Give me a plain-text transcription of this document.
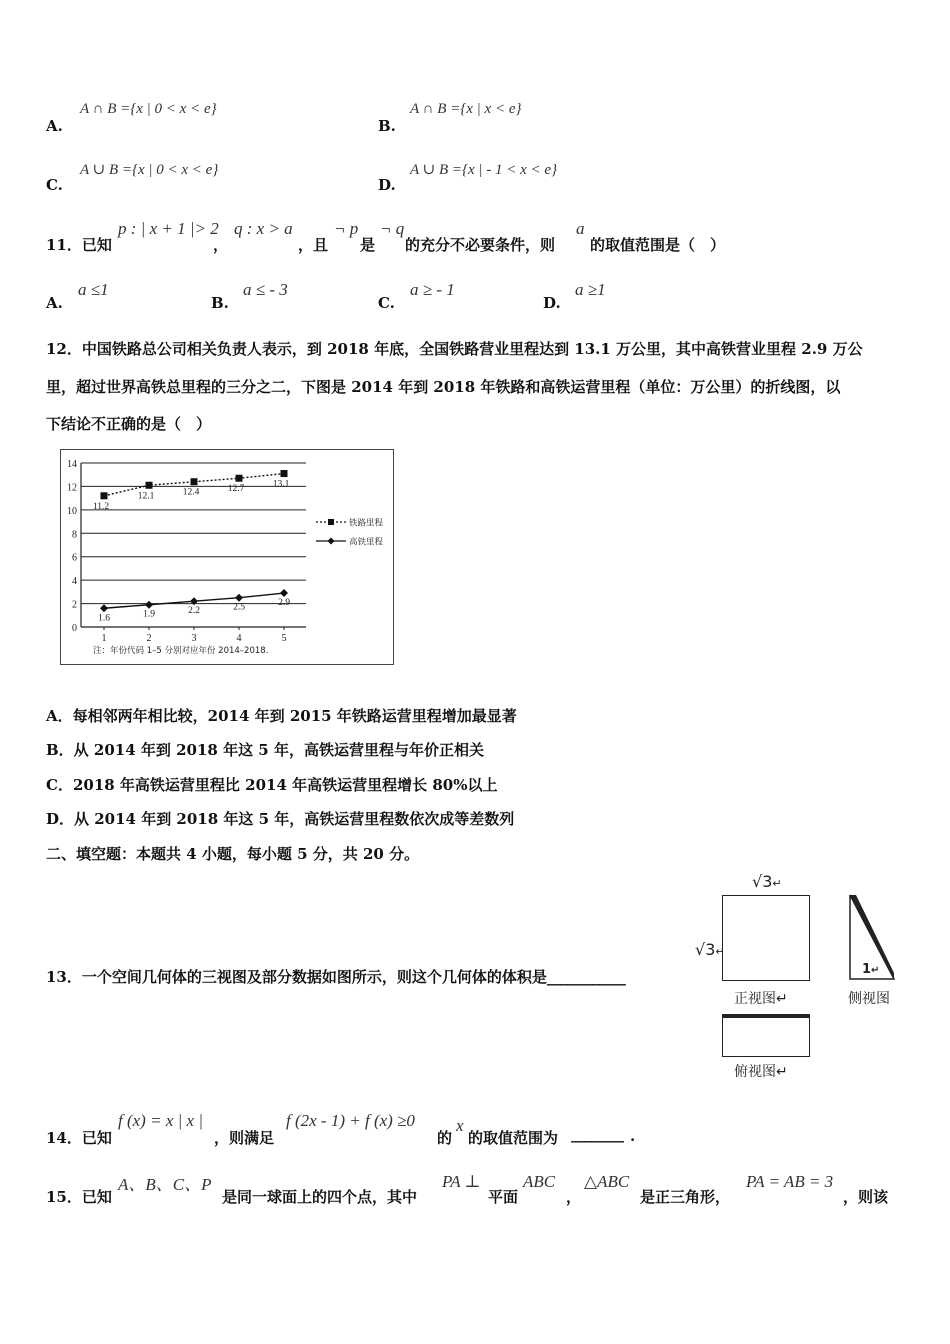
A.
A ∩ B ={x | 0 < x < e}
B.
A ∩ B ={x | x < e}
C.
A ∪ B ={x | 0 < x < e}
D.
A ∪ B ={x | - 1 < x < e}
11．已知
p : | x + 1 |> 2
，
q : x > a
，且
¬ p
是
¬ q
的充分不必要条件，则
a
的取值范围是（　）
A.
a ≤1
B.
a ≤ - 3
C.
a ≥ - 1
D.
a ≥1
12．中国铁路总公司相关负责人表示，到 2018 年底，全国铁路营业里程达到 13.1 万公里，其中高铁营业里程 2.9 万公
里，超过世界高铁总里程的三分之二，下图是 2014 年到 2018 年铁路和高铁运营里程（单位：万公里）的折线图，以
下结论不正确的是（　）
14
12
10
8
6
4
2
0
1	2	3	4	5
11.2
12.1	12.4	12.7	13.1
1.6	1.9	2.2	2.5	2.9
铁路里程
高铁里程
注：年份代码 1–5 分别对应年份 2014–2018.
A．每相邻两年相比较，2014 年到 2015 年铁路运营里程增加最显著
B．从 2014 年到 2018 年这 5 年，高铁运营里程与年价正相关
C．2018 年高铁运营里程比 2014 年高铁运营里程增长 80%以上
D．从 2014 年到 2018 年这 5 年，高铁运营里程数依次成等差数列
二、填空题：本题共 4 小题，每小题 5 分，共 20 分。
13．一个空间几何体的三视图及部分数据如图所示，则这个几何体的体积是____________
√3↵
√3↵
正视图↵
1↵
侧视图
俯视图↵
14．已知
f (x) = x | x |
，则满足
f (2x - 1) + f (x) ≥0
的
x
的取值范围为 ________ .
15．已知
A、B、C、P
是同一球面上的四个点，其中
PA ⊥
平面
ABC
，
△ABC
是正三角形，
PA = AB = 3
，则该
